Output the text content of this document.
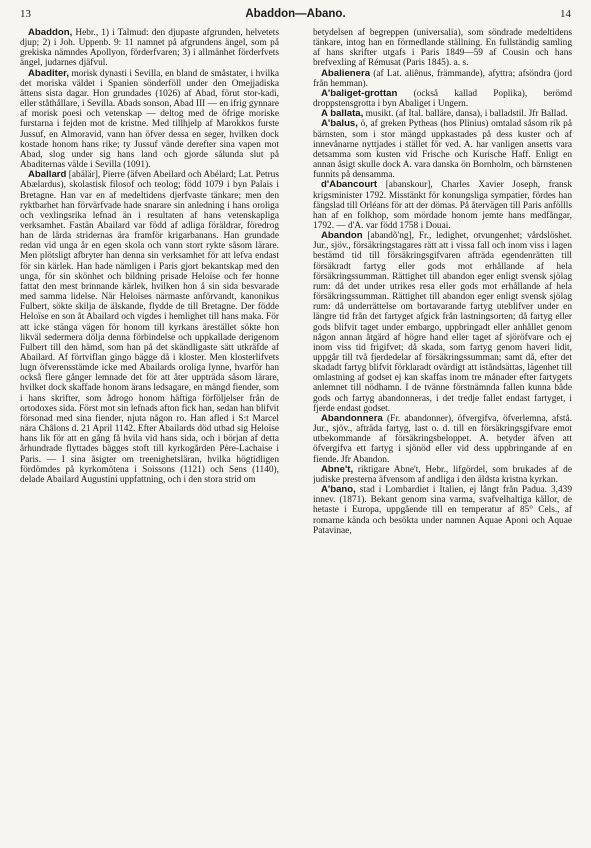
13	Abaddon—Abano.	14

Abaddon, Hebr., 1) i Talmud: den djupaste afgrunden, helvetets djup; 2) i Joh. Uppenb. 9: 11 namnet på afgrundens ängel, som på grekiska nämndes Apollyon, förderfvaren; 3) i allmänhet förderfvets ängel, judarnes djäfvul.

Abaditer, morisk dynasti i Sevilla, en bland de småstater, i hvilka det moriska väldet i Spanien sönderföll under den Omejjadiska ättens sista dagar. Hon grundades (1026) af Abad, förut stor-kadi, eller ståthållare, i Sevilla. Abads sonson, Abad III — en ifrig gynnare af morisk poesi och vetenskap — deltog med de öfrige moriske furstarna i fejden mot de kristne. Med tillhjelp af Marokkos furste Jussuf, en Almoravid, vann han öfver dessa en seger, hvilken dock kostade honom hans rike; ty Jussuf vände derefter sina vapen mot Abad, slog under sig hans land och gjorde sålunda slut på Abaditernas välde i Sevilla (1091).

Aballard [abälär], Pierre (äfven Abeilard och Abélard; Lat. Petrus Abælardus), skolastisk filosof och teolog; född 1079 i byn Palais i Bretagne. Han var en af medeltidens djerfvaste tänkare; men den ryktbarhet han förvärfvade hade snarare sin anledning i hans oroliga och vexlingsrika lefnad än i resultaten af hans vetenskapliga verksamhet. Fastän Abailard var född af adliga föräldrar, föredrog han de lärda stridernas ära framför krigarbanans. Han grundade redan vid unga år en egen skola och vann stort rykte såsom lärare. Men plötsligt afbryter han denna sin verksamhet för att lefva endast för sin kärlek. Han hade nämligen i Paris gjort bekantskap med den unga, för sin skönhet och bildning prisade Heloïse och fer honne fattat den mest brinnande kärlek, hvilken hon å sin sida besvarade med samma lidelse. När Heloïses närmaste anförvandt, kanonikus Fulbert, sökte skilja de älskande, flydde de till Bretagne. Der födde Heloïse en son åt Abailard och vigdes i hemlighet till hans maka. För att icke stänga vägen för honom till kyrkans ärestället sökte hon likväl sedermera dölja denna förbindelse och uppkallade derigenom Fulbert till den hämd, som han på det skändligaste sätt utkräfde af Abailard. Af förtviflan gingo bägge då i kloster. Men klosterlifvets lugn öfverensstämde icke med Abailards oroliga lynne, hvarför han också flere gånger lemnade det för att åter uppträda såsom lärare, hvilket dock skaffade honom ärans ledsagare, en mängd fiender, som i hans skrifter, som ådrogo honom häftiga förföljelser från de ortodoxes sida. Först mot sin lefnads afton fick han, sedan han blifvit försonad med sina fiender, njuta någon ro. Han afled i S:t Marcel nära Châlons d. 21 April 1142. Efter Abailards död utbad sig Heloïse hans lik för att en gång få hvila vid hans sida, och i början af detta århundrade flyttades bägges stoft till kyrkogården Père-Lachaise i Paris. — I sina åsigter om treenighetsläran, hvilka högtidligen fördömdes på kyrkomötena i Soissons (1121) och Sens (1140), delade Abailard Augustini uppfattning, och i den stora strid om

betydelsen af begreppen (universalia), som söndrade medeltidens tänkare, intog han en förmedlande ställning. En fullständig samling af hans skrifter utgafs i Paris 1849—59 af Cousin och hans brefvexling af Rémusat (Paris 1845). a. s.

Abalienera (af Lat. aliênus, främmande), afyttra; afsöndra (jord från hemman).

A'baliget-grottan (också kallad Poplika), berömd droppstensgrotta i byn Abaliget i Ungern.

A ballata, musikt. (af Ital. balläre, dansa), i balladstil. Jfr Ballad.

A'balus, ö, af greken Pytheas (hos Plinius) omtalad såsom rik på bärnsten, som i stor mängd uppkastades på dess kuster och af innevånarne nyttjades i stället för ved. A. har vanligen ansetts vara detsamma som kusten vid Frische och Kurische Haff. Enligt en annan åsigt skulle dock A. vara danska ön Bornholm, och bärnstenen funnits på densamma.

d'Abancourt [abanskour], Charles Xavier Joseph, fransk krigsminister 1792. Misstänkt för konungsliga sympatier, fördes han fängslad till Orléans för att der dömas. På återvägen till Paris anföllls han af en folkhop, som mördade honom jemte hans medfångar, 1792. — d'A. var född 1758 i Douai.

Abandon [abandõ'ng], Fr., ledighet, otvungenhet; vårdslöshet. Jur., sjöv., försäkringstagares rätt att i vissa fall och inom viss i lagen bestämd tid till försäkringsgifvaren afträda egendenrätten till försäkradt fartyg eller gods mot erhållande af hela försäkringssumman. Rättighet till abandon eger enligt svensk sjölag rum: då det under utrikes resa eller gods mot erhållande af hela försäkringssumman. Rättighet till abandon eger enligt svensk sjölag rum: då underrättelse om bortavarande fartyg uteblifver under en längre tid från det fartyget afgick från lastningsorten; då fartyg eller gods blifvit taget under embargo, uppbringadt eller anhållet genom någon annan åtgärd af högre hand eller taget af sjöröfvare och ej inom viss tid frigifvet; då skada, som fartyg genom haveri lidit, uppgår till två fjerdedelar af försäkringssumman; samt då, efter det skadadt fartyg blifvit förklaradt ovärdigt att iståndsättas, lägenhet till omlastning af godset ej kan skaffas inom tre månader efter fartygets anlemnet till nödhamn. I de tvänne förstnämnda fallen kunna både gods och fartyg abandonneras, i det tredje fallet endast fartyget, i fjerde endast godset.

Abandonnera (Fr. abandonner), öfvergifva, öfverlemna, afstå. Jur., sjöv., afträda fartyg, last o. d. till en försäkringsgifvare emot utbekommande af försäkringsbeloppet. A. betyder äfven att öfvergifva ett fartyg i sjönöd eller vid dess uppbringande af en fiende. Jfr Abandon.

Abne't, riktigare Abne't, Hebr., lifgördel, som brukades af de judiske presterna äfvensom af andliga i den äldsta kristna kyrkan.

A'bano, stad i Lombardiet i Italien, ej långt från Padua. 3,439 innev. (1871). Bekant genom sina varma, svafvelhaltiga källor, de hetaste i Europa, uppgående till en temperatur af 85° Cels., af romarne kända och besökta under namnen Aquae Aponi och Aquae Patavinae,
